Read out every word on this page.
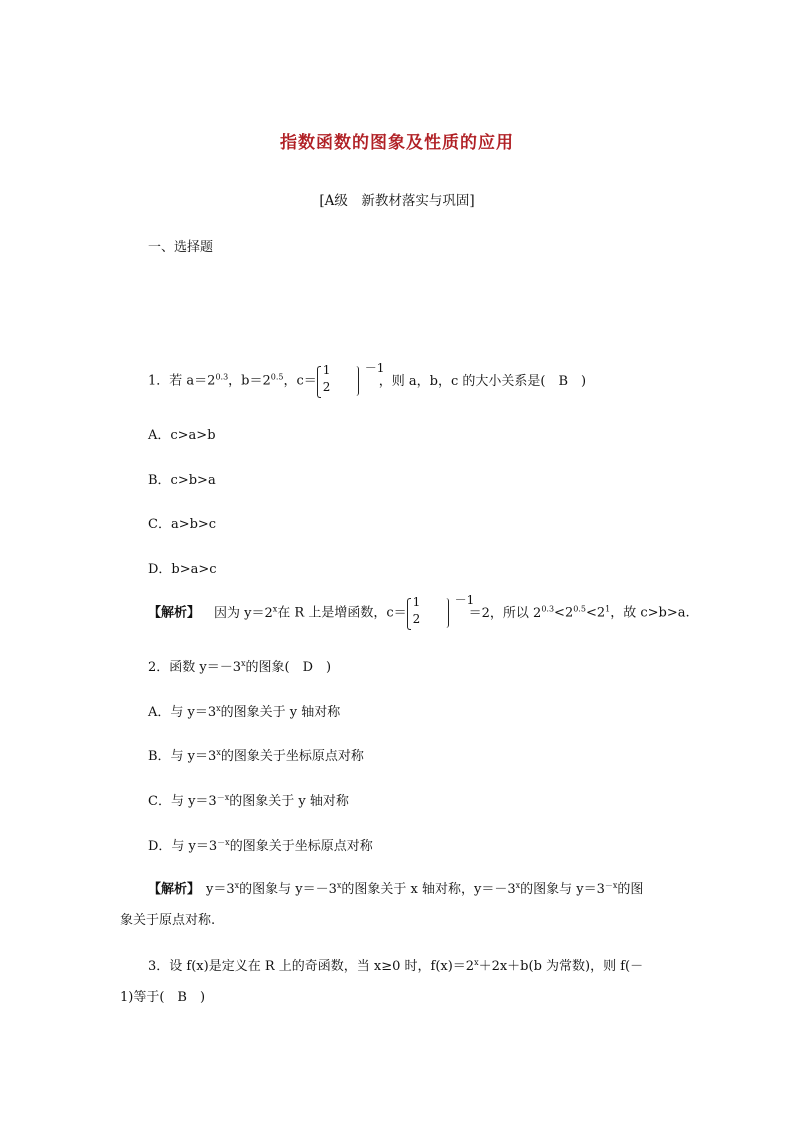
指数函数的图象及性质的应用
[A级　新教材落实与巩固]
一、选择题
1．若 $a=2^{0.3}$，$b=2^{0.5}$，c＝
1
2
－1
，则 a，b，c 的大小关系是(　B　)
A．c>a>b
B．c>b>a
C．a>b>c
D．b>a>c
【解析】 因为 $y=2^x$在 R 上是增函数，c＝
1
2
－1
＝2，所以 $2^{0.3}<2^{0.5}<2^1$，故 c>b>a.
2．函数 $y=-3^x$的图象(　D　)
A．与 $y=3^x$的图象关于 y 轴对称
B．与 $y=3^x$的图象关于坐标原点对称
C．与 $y=3^{-x}$的图象关于 y 轴对称
D．与 $y=3^{-x}$的图象关于坐标原点对称
【解析】 $y=3^x$的图象与 $y=-3^x$的图象关于 x 轴对称，$y=-3^x$的图象与 $y=3^{-x}$的图
象关于原点对称.
3．设 f(x)是定义在 R 上的奇函数，当 x≥0 时，$f(x)=2^x+2x+b(b$ 为常数)，则 f(－
1)等于(　B　)
